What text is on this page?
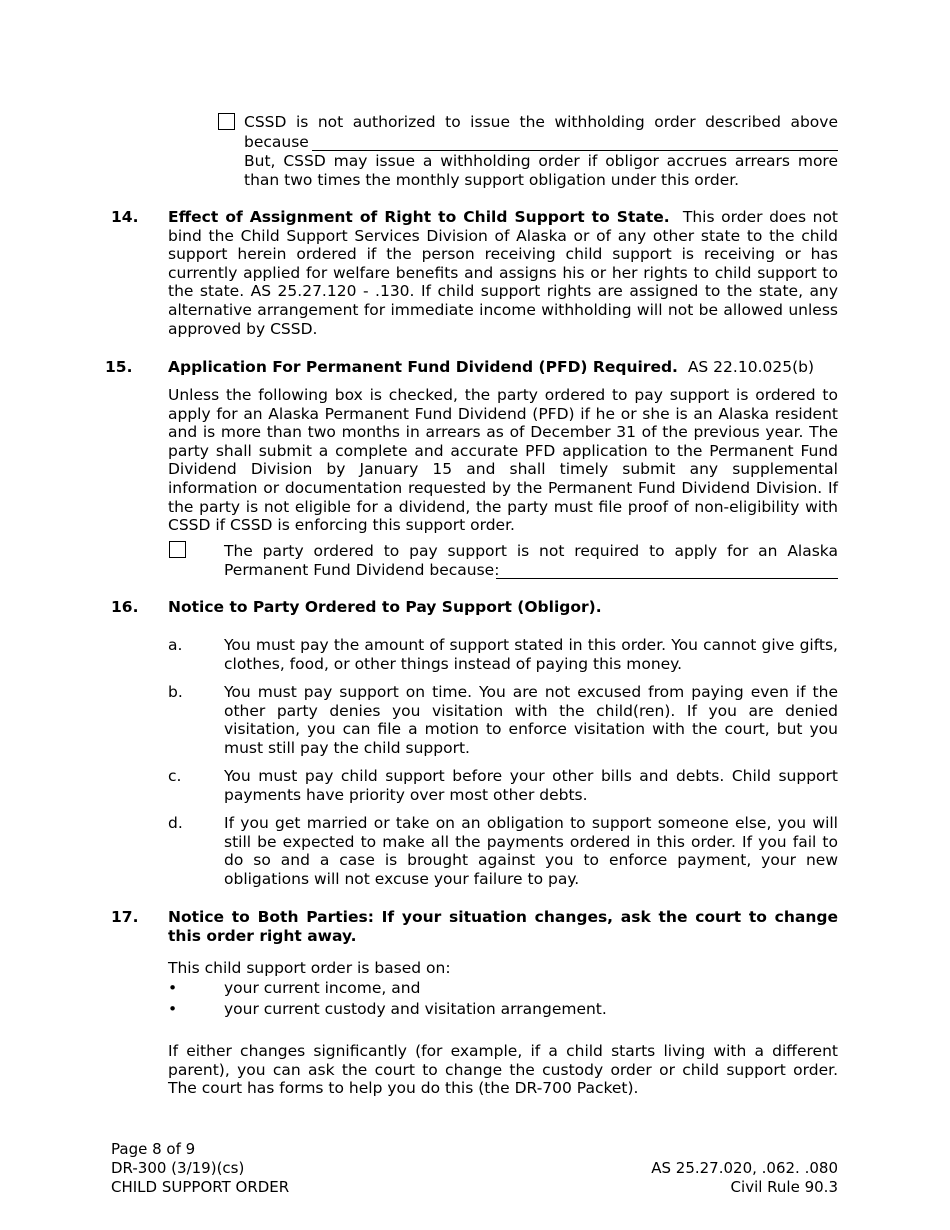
CSSD is not authorized to issue the withholding order described above
because
But, CSSD may issue a withholding order if obligor accrues arrears more than two times the monthly support obligation under this order.
14. Effect of Assignment of Right to Child Support to State. This order does not bind the Child Support Services Division of Alaska or of any other state to the child support herein ordered if the person receiving child support is receiving or has currently applied for welfare benefits and assigns his or her rights to child support to the state. AS 25.27.120 - .130. If child support rights are assigned to the state, any alternative arrangement for immediate income withholding will not be allowed unless approved by CSSD.
15. Application For Permanent Fund Dividend (PFD) Required. AS 22.10.025(b)
Unless the following box is checked, the party ordered to pay support is ordered to apply for an Alaska Permanent Fund Dividend (PFD) if he or she is an Alaska resident and is more than two months in arrears as of December 31 of the previous year. The party shall submit a complete and accurate PFD application to the Permanent Fund Dividend Division by January 15 and shall timely submit any supplemental information or documentation requested by the Permanent Fund Dividend Division. If the party is not eligible for a dividend, the party must file proof of non-eligibility with CSSD if CSSD is enforcing this support order.
The party ordered to pay support is not required to apply for an Alaska
Permanent Fund Dividend because:
16. Notice to Party Ordered to Pay Support (Obligor).
a.	You must pay the amount of support stated in this order. You cannot give gifts, clothes, food, or other things instead of paying this money.
b.	You must pay support on time. You are not excused from paying even if the other party denies you visitation with the child(ren). If you are denied visitation, you can file a motion to enforce visitation with the court, but you must still pay the child support.
c.	You must pay child support before your other bills and debts. Child support payments have priority over most other debts.
d.	If you get married or take on an obligation to support someone else, you will still be expected to make all the payments ordered in this order. If you fail to do so and a case is brought against you to enforce payment, your new obligations will not excuse your failure to pay.
17. Notice to Both Parties: If your situation changes, ask the court to change this order right away.
This child support order is based on:
•	your current income, and
•	your current custody and visitation arrangement.
If either changes significantly (for example, if a child starts living with a different parent), you can ask the court to change the custody order or child support order. The court has forms to help you do this (the DR-700 Packet).
Page 8 of 9
DR-300 (3/19)(cs)
CHILD SUPPORT ORDER
AS 25.27.020, .062. .080
Civil Rule 90.3
